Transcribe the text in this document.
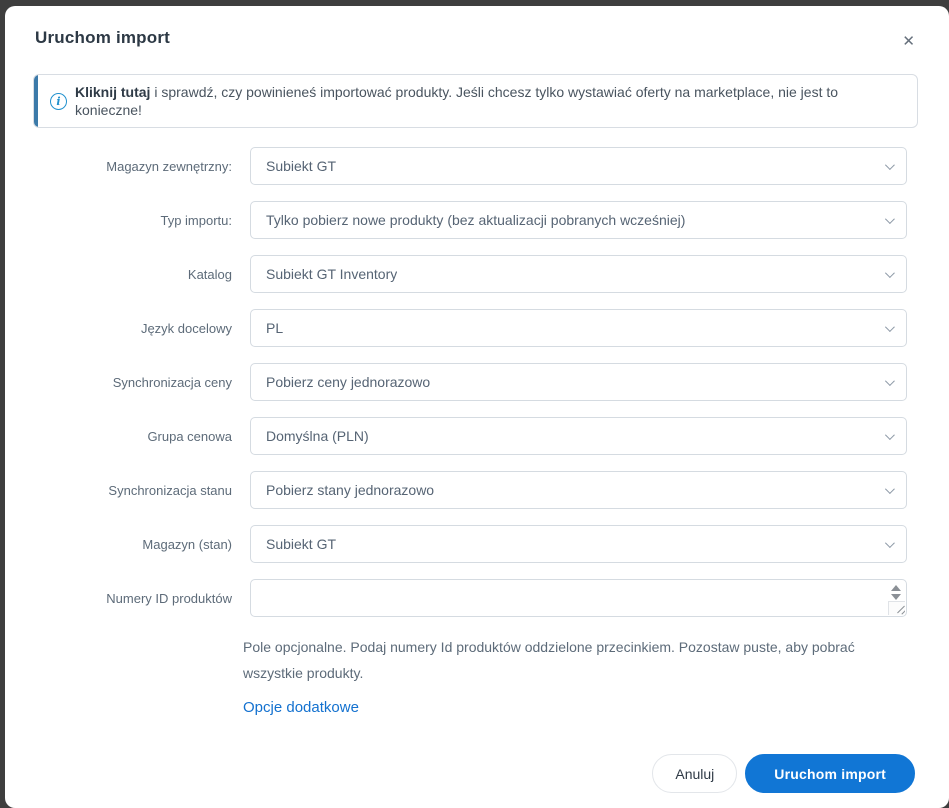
Uruchom import	✕
i
Kliknij tutaj i sprawdź, czy powinieneś importować produkty. Jeśli chcesz tylko wystawiać oferty na marketplace, nie jest to konieczne!
Magazyn zewnętrzny:	Subiekt GT
Typ importu:	Tylko pobierz nowe produkty (bez aktualizacji pobranych wcześniej)
Katalog	Subiekt GT Inventory
Język docelowy	PL
Synchronizacja ceny	Pobierz ceny jednorazowo
Grupa cenowa	Domyślna (PLN)
Synchronizacja stanu	Pobierz stany jednorazowo
Magazyn (stan)	Subiekt GT
Numery ID produktów
Pole opcjonalne. Podaj numery Id produktów oddzielone przecinkiem. Pozostaw puste, aby pobrać wszystkie produkty.
Opcje dodatkowe
Anuluj	Uruchom import
